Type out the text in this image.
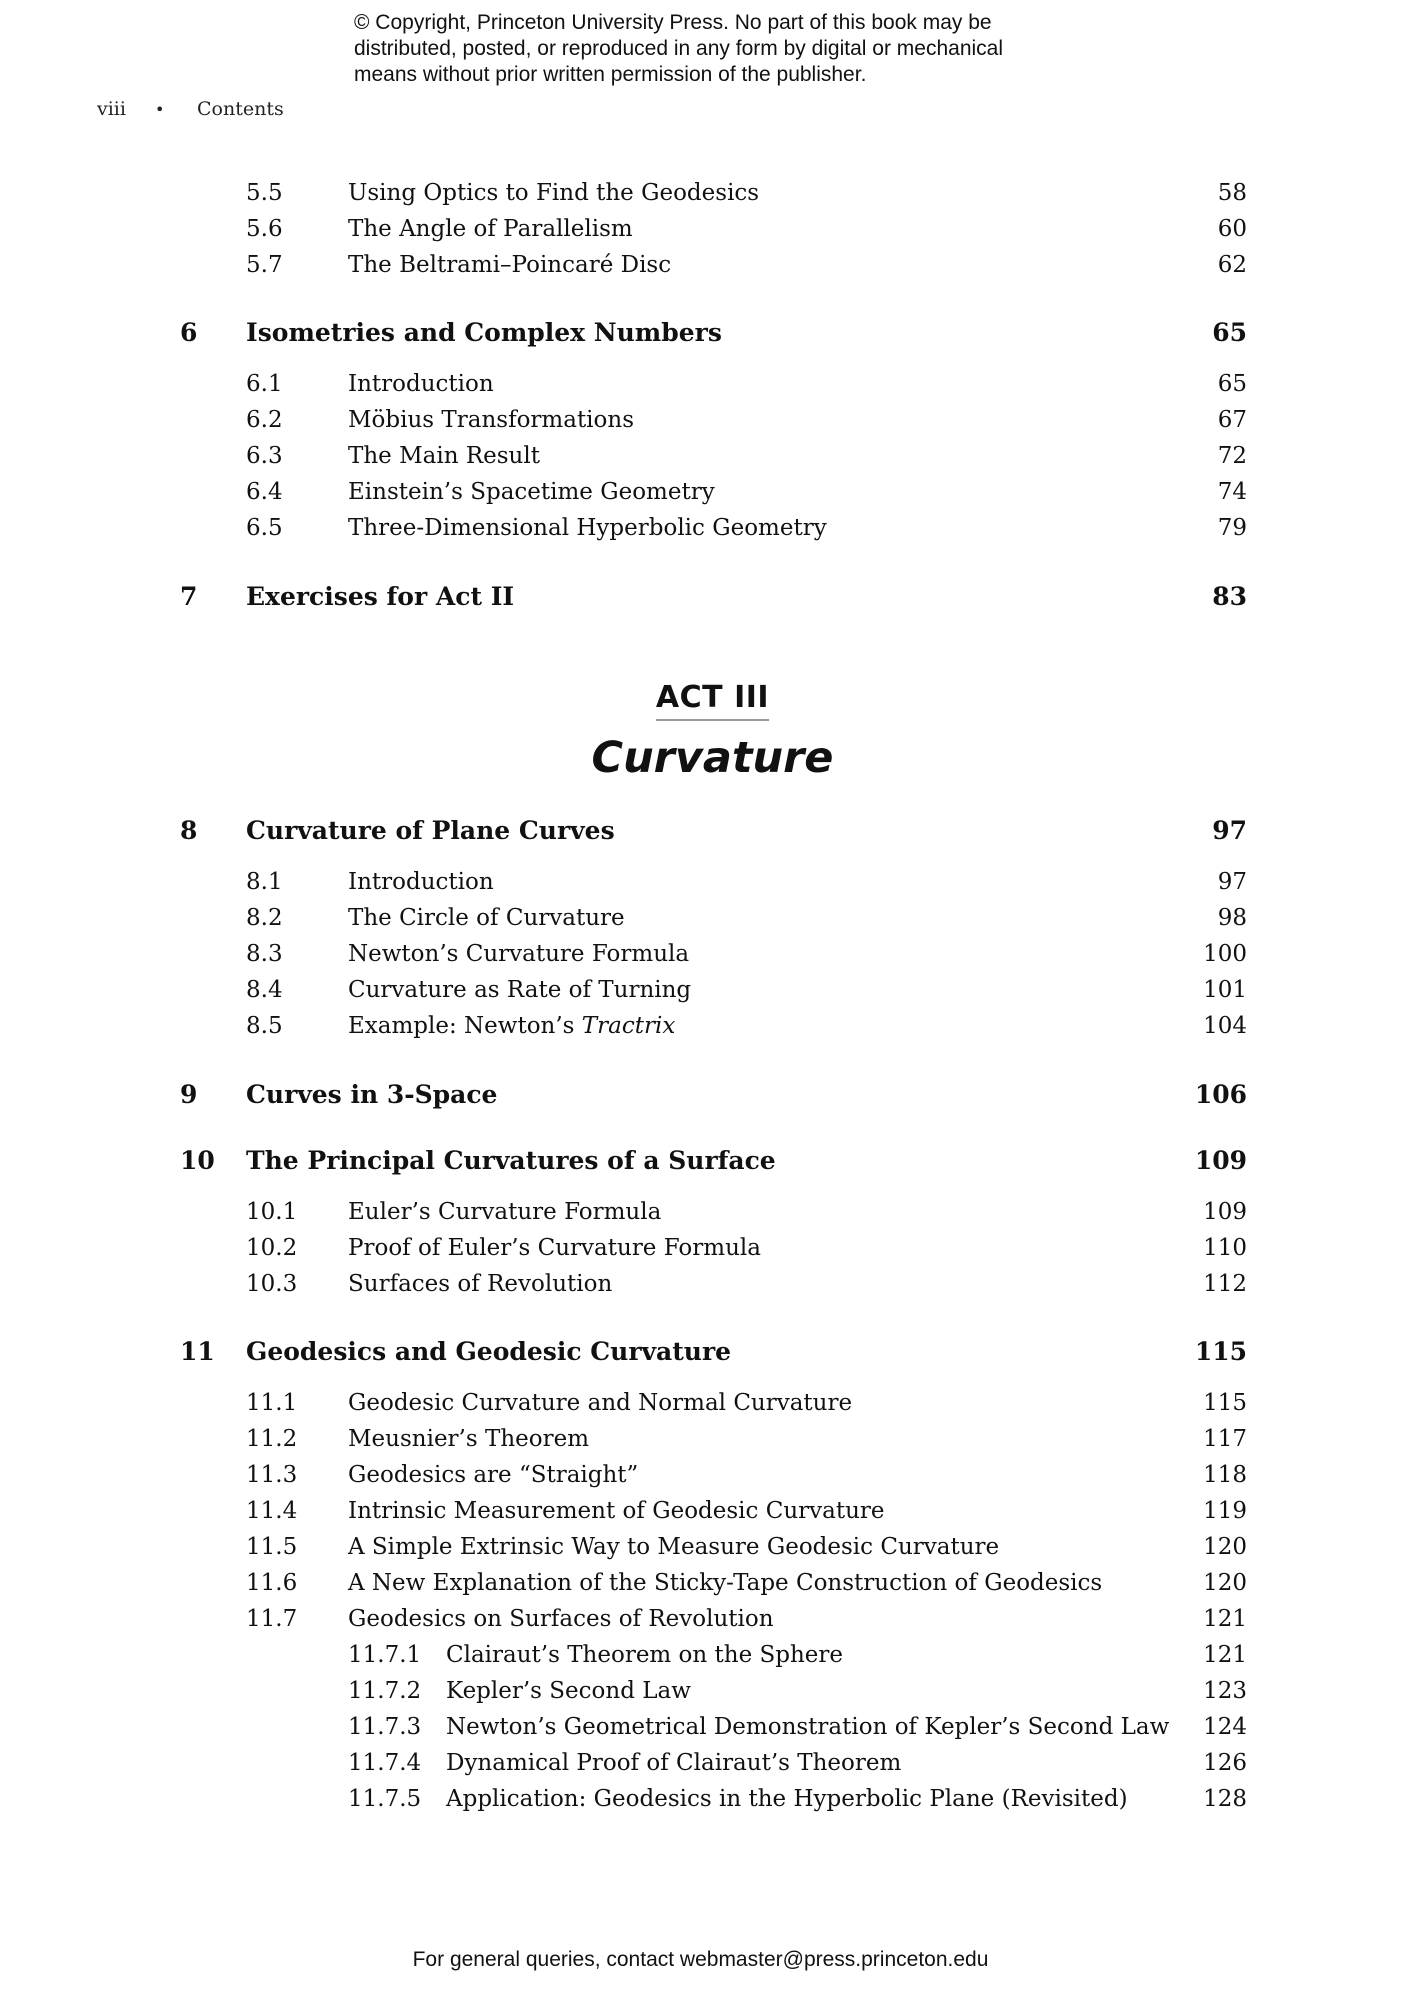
© Copyright, Princeton University Press. No part of this book may be
distributed, posted, or reproduced in any form by digital or mechanical
means without prior written permission of the publisher.
viii • Contents
5.5	Using Optics to Find the Geodesics	58
5.6	The Angle of Parallelism	60
5.7	The Beltrami–Poincaré Disc	62
6 Isometries and Complex Numbers	65
6.1	Introduction	65
6.2	Möbius Transformations	67
6.3	The Main Result	72
6.4	Einstein’s Spacetime Geometry	74
6.5	Three-Dimensional Hyperbolic Geometry	79
7 Exercises for Act II	83
ACT III
Curvature
8 Curvature of Plane Curves	97
8.1	Introduction	97
8.2	The Circle of Curvature	98
8.3	Newton’s Curvature Formula	100
8.4	Curvature as Rate of Turning	101
8.5	Example: Newton’s Tractrix	104
9 Curves in 3-Space	106
10 The Principal Curvatures of a Surface	109
10.1 Euler’s Curvature Formula	109
10.2 Proof of Euler’s Curvature Formula	110
10.3 Surfaces of Revolution	112
11 Geodesics and Geodesic Curvature	115
11.1 Geodesic Curvature and Normal Curvature	115
11.2 Meusnier’s Theorem	117
11.3 Geodesics are “Straight”	118
11.4 Intrinsic Measurement of Geodesic Curvature	119
11.5 A Simple Extrinsic Way to Measure Geodesic Curvature	120
11.6 A New Explanation of the Sticky-Tape Construction of Geodesics	120
11.7 Geodesics on Surfaces of Revolution	121
11.7.1 Clairaut’s Theorem on the Sphere	121
11.7.2 Kepler’s Second Law	123
11.7.3 Newton’s Geometrical Demonstration of Kepler’s Second Law 124
11.7.4 Dynamical Proof of Clairaut’s Theorem	126
11.7.5 Application: Geodesics in the Hyperbolic Plane (Revisited)	128
For general queries, contact webmaster@press.princeton.edu
